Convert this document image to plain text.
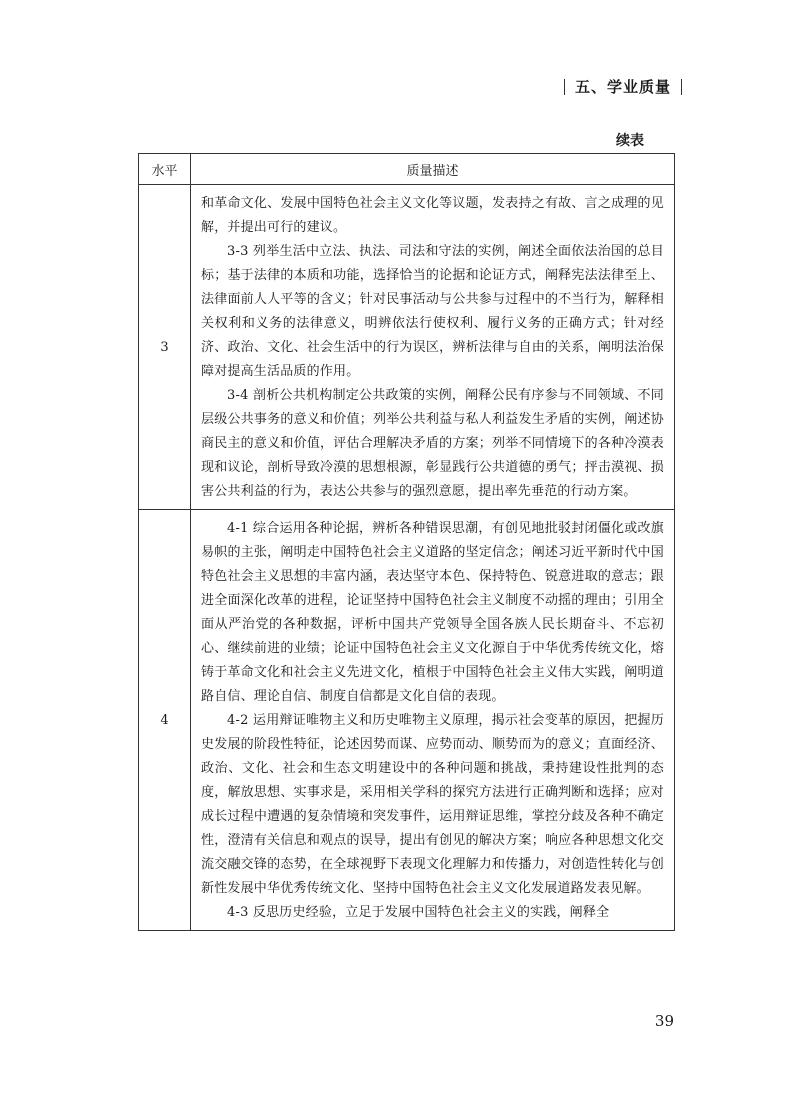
五、学业质量
续表
水平	质量描述
3	和革命文化、发展中国特色社会主义文化等议题，发表持之有故、言之成理的见解，并提出可行的建议。

3-3 列举生活中立法、执法、司法和守法的实例，阐述全面依法治国的总目标；基于法律的本质和功能，选择恰当的论据和论证方式，阐释宪法法律至上、法律面前人人平等的含义；针对民事活动与公共参与过程中的不当行为，解释相关权利和义务的法律意义，明辨依法行使权利、履行义务的正确方式；针对经济、政治、文化、社会生活中的行为误区，辨析法律与自由的关系，阐明法治保障对提高生活品质的作用。

3-4 剖析公共机构制定公共政策的实例，阐释公民有序参与不同领域、不同层级公共事务的意义和价值；列举公共利益与私人利益发生矛盾的实例，阐述协商民主的意义和价值，评估合理解决矛盾的方案；列举不同情境下的各种冷漠表现和议论，剖析导致冷漠的思想根源，彰显践行公共道德的勇气；抨击漠视、损害公共利益的行为，表达公共参与的强烈意愿，提出率先垂范的行动方案。

4	4-1 综合运用各种论据，辨析各种错误思潮，有创见地批驳封闭僵化或改旗易帜的主张，阐明走中国特色社会主义道路的坚定信念；阐述习近平新时代中国特色社会主义思想的丰富内涵，表达坚守本色、保持特色、锐意进取的意志；跟进全面深化改革的进程，论证坚持中国特色社会主义制度不动摇的理由；引用全面从严治党的各种数据，评析中国共产党领导全国各族人民长期奋斗、不忘初心、继续前进的业绩；论证中国特色社会主义文化源自于中华优秀传统文化，熔铸于革命文化和社会主义先进文化，植根于中国特色社会主义伟大实践，阐明道路自信、理论自信、制度自信都是文化自信的表现。

4-2 运用辩证唯物主义和历史唯物主义原理，揭示社会变革的原因，把握历史发展的阶段性特征，论述因势而谋、应势而动、顺势而为的意义；直面经济、政治、文化、社会和生态文明建设中的各种问题和挑战，秉持建设性批判的态度，解放思想、实事求是，采用相关学科的探究方法进行正确判断和选择；应对成长过程中遭遇的复杂情境和突发事件，运用辩证思维，掌控分歧及各种不确定性，澄清有关信息和观点的误导，提出有创见的解决方案；响应各种思想文化交流交融交锋的态势，在全球视野下表现文化理解力和传播力，对创造性转化与创新性发展中华优秀传统文化、坚持中国特色社会主义文化发展道路发表见解。

4-3 反思历史经验，立足于发展中国特色社会主义的实践，阐释全

39
